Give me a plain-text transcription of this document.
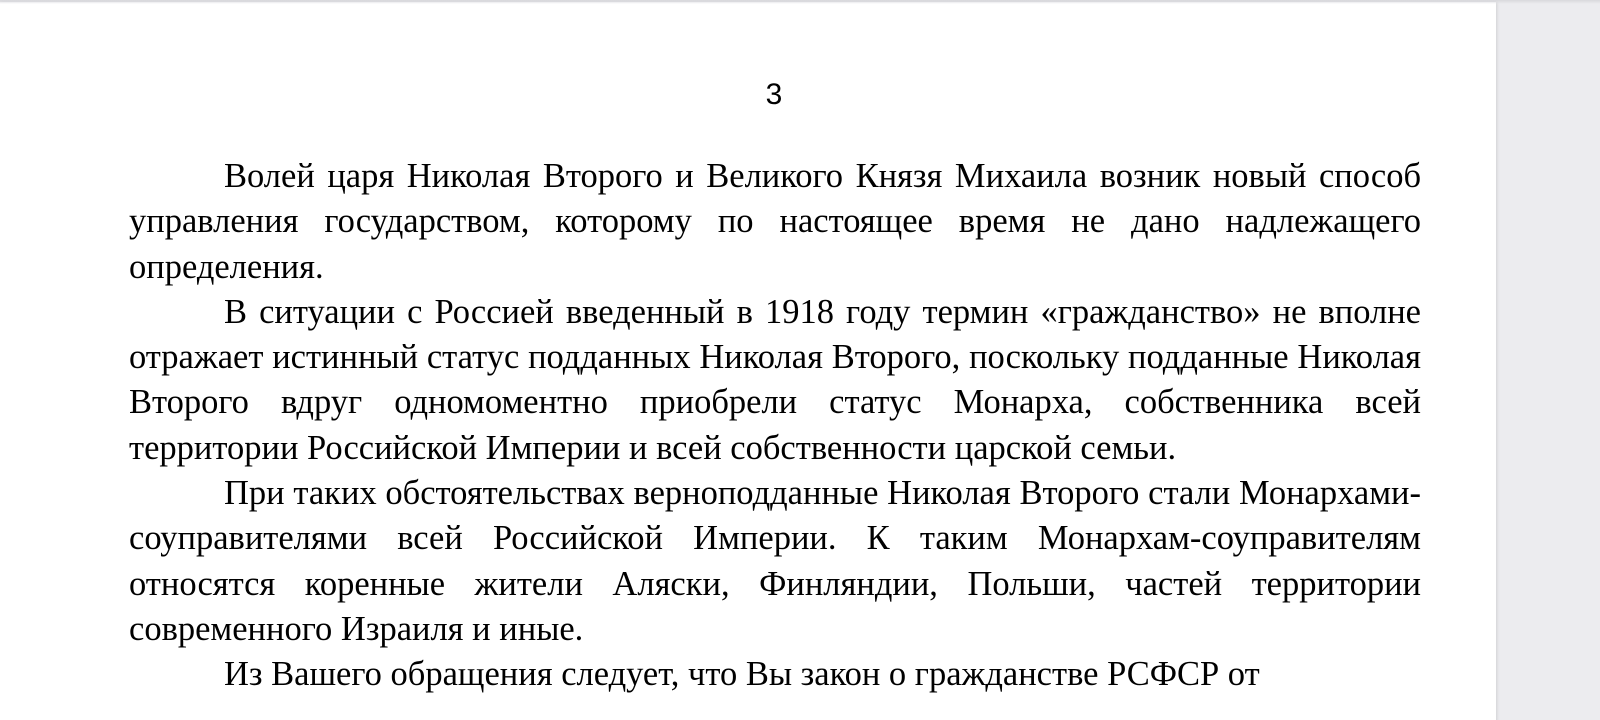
3

Волей царя Николая Второго и Великого Князя Михаила возник новый способ управления государством, которому по настоящее время не дано надлежащего определения.

В ситуации с Россией введенный в 1918 году термин «гражданство» не вполне отражает истинный статус подданных Николая Второго, поскольку подданные Николая Второго вдруг одномоментно приобрели статус Монарха, собственника всей территории Российской Империи и всей собственности царской семьи.

При таких обстоятельствах верноподданные Николая Второго стали Монархами-соуправителями всей Российской Империи. К таким Монархам-соуправителям относятся коренные жители Аляски, Финляндии, Польши, частей территории современного Израиля и иные.

Из Вашего обращения следует, что Вы закон о гражданстве РСФСР от
